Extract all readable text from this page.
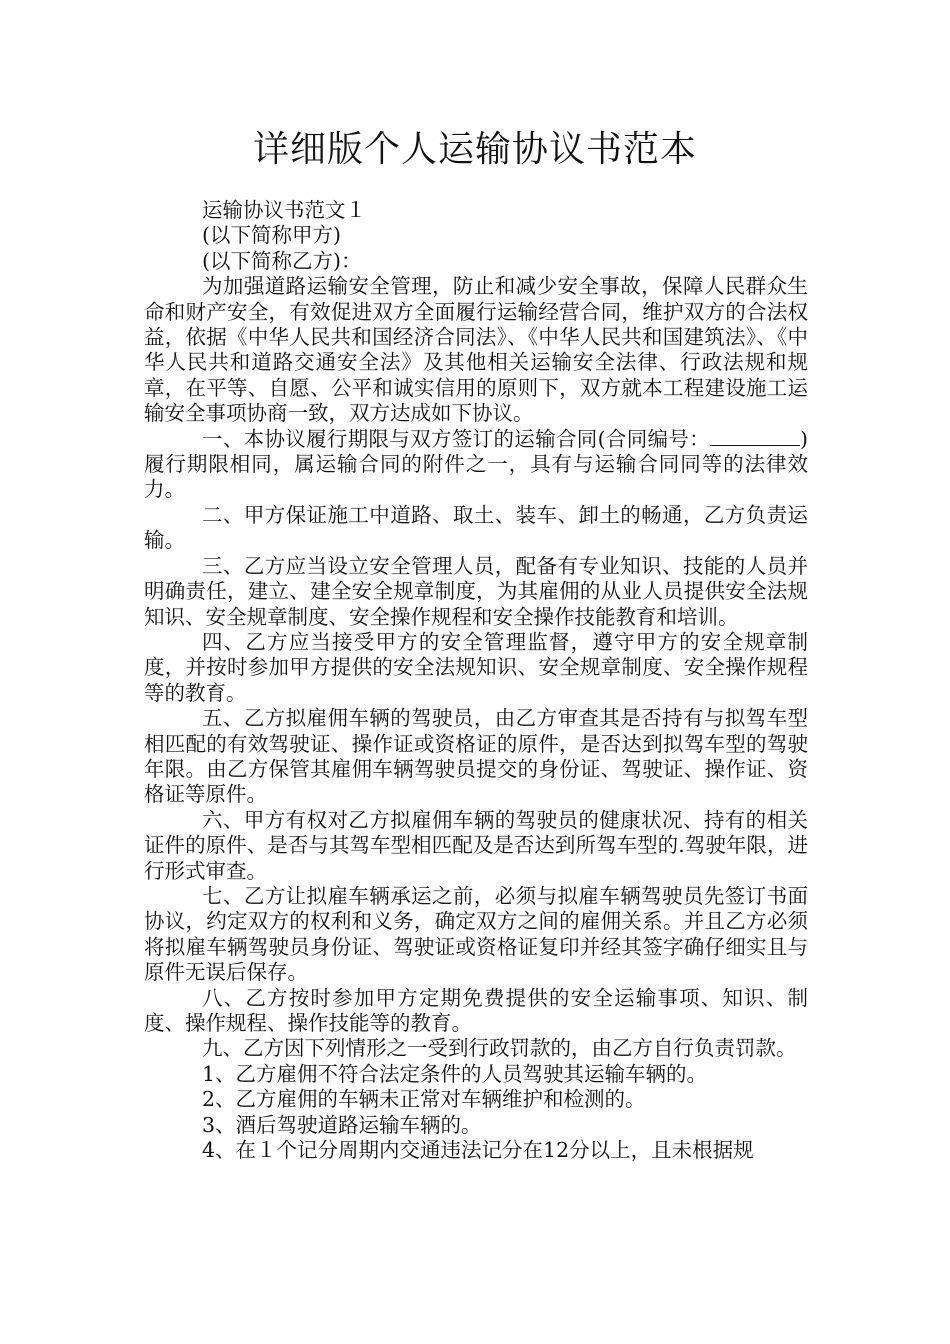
详细版个人运输协议书范本

运输协议书范文１

(以下简称甲方)

(以下简称乙方)：

为加强道路运输安全管理，防止和减少安全事故，保障人民群众生命和财产安全，有效促进双方全面履行运输经营合同，维护双方的合法权益，依据《中华人民共和国经济合同法》、《中华人民共和国建筑法》、《中华人民共和道路交通安全法》及其他相关运输安全法律、行政法规和规章，在平等、自愿、公平和诚实信用的原则下，双方就本工程建设施工运输安全事项协商一致，双方达成如下协议。

一、本协议履行期限与双方签订的运输合同(合同编号：	)履行期限相同，属运输合同的附件之一，具有与运输合同同等的法律效力。

二、甲方保证施工中道路、取土、装车、卸土的畅通，乙方负责运输。

三、乙方应当设立安全管理人员，配备有专业知识、技能的人员并明确责任，建立、建全安全规章制度，为其雇佣的从业人员提供安全法规知识、安全规章制度、安全操作规程和安全操作技能教育和培训。

四、乙方应当接受甲方的安全管理监督，遵守甲方的安全规章制度，并按时参加甲方提供的安全法规知识、安全规章制度、安全操作规程等的教育。

五、乙方拟雇佣车辆的驾驶员，由乙方审查其是否持有与拟驾车型相匹配的有效驾驶证、操作证或资格证的原件，是否达到拟驾车型的驾驶年限。由乙方保管其雇佣车辆驾驶员提交的身份证、驾驶证、操作证、资格证等原件。

六、甲方有权对乙方拟雇佣车辆的驾驶员的健康状况、持有的相关证件的原件、是否与其驾车型相匹配及是否达到所驾车型的.驾驶年限，进行形式审查。

七、乙方让拟雇车辆承运之前，必须与拟雇车辆驾驶员先签订书面协议，约定双方的权利和义务，确定双方之间的雇佣关系。并且乙方必须将拟雇车辆驾驶员身份证、驾驶证或资格证复印并经其签字确仔细实且与原件无误后保存。

八、乙方按时参加甲方定期免费提供的安全运输事项、知识、制度、操作规程、操作技能等的教育。

九、乙方因下列情形之一受到行政罚款的，由乙方自行负责罚款。

1、乙方雇佣不符合法定条件的人员驾驶其运输车辆的。

2、乙方雇佣的车辆未正常对车辆维护和检测的。

3、酒后驾驶道路运输车辆的。

4、在１个记分周期内交通违法记分在12分以上，且未根据规
